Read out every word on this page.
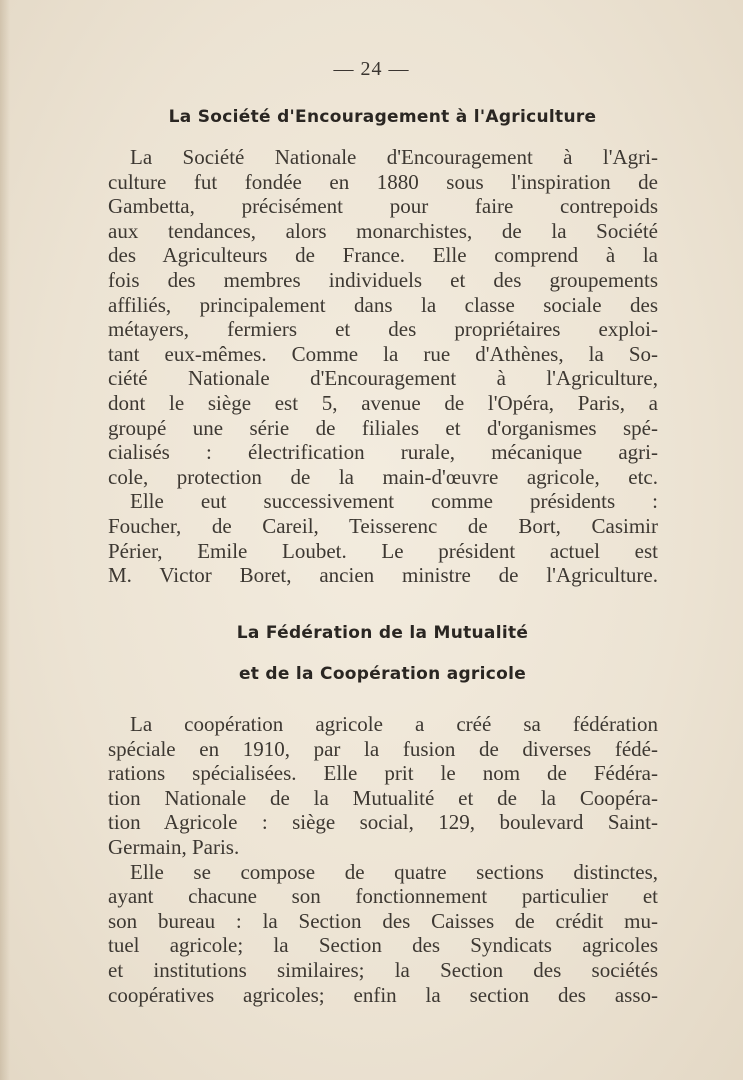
— 24 —
La Société d'Encouragement à l'Agriculture
La Société Nationale d'Encouragement à l'Agri-
culture fut fondée en 1880 sous l'inspiration de
Gambetta, précisément pour faire contrepoids
aux tendances, alors monarchistes, de la Société
des Agriculteurs de France. Elle comprend à la
fois des membres individuels et des groupements
affiliés, principalement dans la classe sociale des
métayers, fermiers et des propriétaires exploi-
tant eux-mêmes. Comme la rue d'Athènes, la So-
ciété Nationale d'Encouragement à l'Agriculture,
dont le siège est 5, avenue de l'Opéra, Paris, a
groupé une série de filiales et d'organismes spé-
cialisés : électrification rurale, mécanique agri-
cole, protection de la main-d'œuvre agricole, etc.
Elle eut successivement comme présidents :
Foucher, de Careil, Teisserenc de Bort, Casimir
Périer, Emile Loubet. Le président actuel est
M. Victor Boret, ancien ministre de l'Agriculture.
La Fédération de la Mutualité
et de la Coopération agricole
La coopération agricole a créé sa fédération
spéciale en 1910, par la fusion de diverses fédé-
rations spécialisées. Elle prit le nom de Fédéra-
tion Nationale de la Mutualité et de la Coopéra-
tion Agricole : siège social, 129, boulevard Saint-
Germain, Paris.
Elle se compose de quatre sections distinctes,
ayant chacune son fonctionnement particulier et
son bureau : la Section des Caisses de crédit mu-
tuel agricole; la Section des Syndicats agricoles
et institutions similaires; la Section des sociétés
coopératives agricoles; enfin la section des asso-
